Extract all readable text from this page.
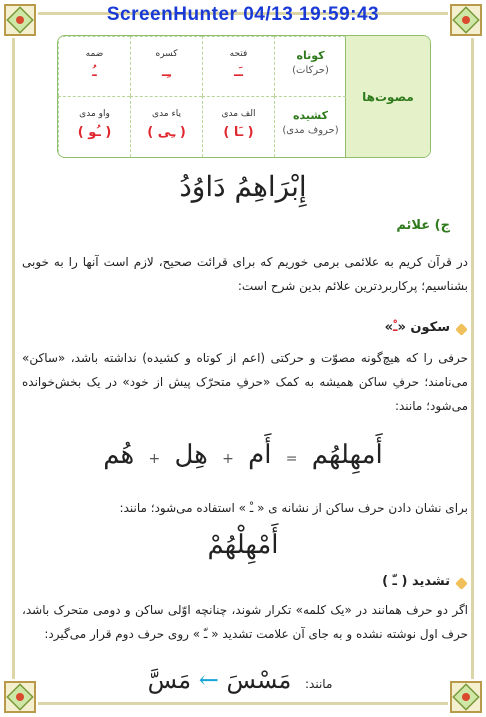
ScreenHunter 04/13 19:59:43
مصوت‌ها
کوتاه
(حرکات)
کشیده
(حروف مدی)
فتحه
ـَـ
کسره
ـِـ
ضمه
ـُ
الف مدی
( ـَا )
یاء مدی
( ـِی )
واو مدی
( ـُو )
إِبْرَاهِمُ دَاوُدُ
ج) علائم
در قرآن کریم به علائمی برمی خوریم که برای قرائت صحیح، لازم است آنها را به خوبی بشناسیم؛ پرکاربردترین علائم بدین شرح است:
سکون «ـْ»
حرفی را که هیچ‌گونه مصوّت و حرکتی (اعم از کوتاه و کشیده) نداشته باشد، «ساکن» می‌نامند؛ حرفِ ساکن همیشه به کمک «حرفِ متحرّک پیش از خود» در یک بخش‌خوانده می‌شود؛ مانند:
أَمهِلهُم = أَم + هِل + هُم
برای نشان دادن حرف ساکن از نشانه ی « ـْ » استفاده می‌شود؛ مانند:
أَمْهِلْهُمْ
تشدید ( ـّ )
اگر دو حرف همانند در «یک کلمه» تکرار شوند، چنانچه اوّلی ساکن و دومی متحرک باشد، حرف اول نوشته نشده و به جای آن علامت تشدید « ـّ » روی حرف دوم قرار می‌گیرد:
مانند: مَسْسَ ← مَسَّ
